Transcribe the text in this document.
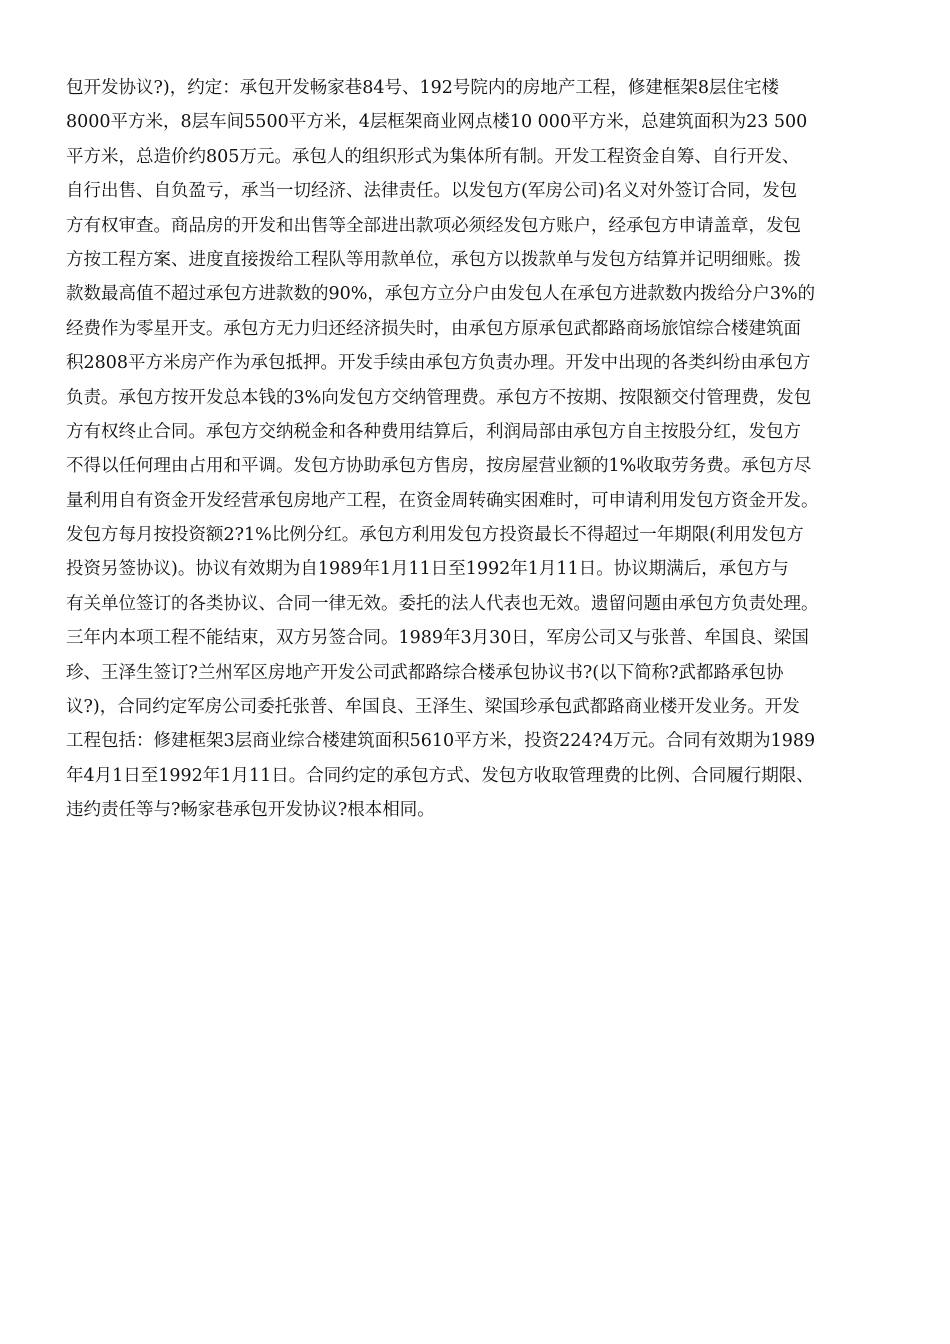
包开发协议?)，约定：承包开发畅家巷84号、192号院内的房地产工程，修建框架8层住宅楼
8000平方米，8层车间5500平方米，4层框架商业网点楼10 000平方米，总建筑面积为23 500
平方米，总造价约805万元。承包人的组织形式为集体所有制。开发工程资金自筹、自行开发、
自行出售、自负盈亏，承当一切经济、法律责任。以发包方(军房公司)名义对外签订合同，发包
方有权审查。商品房的开发和出售等全部进出款项必须经发包方账户，经承包方申请盖章，发包
方按工程方案、进度直接拨给工程队等用款单位，承包方以拨款单与发包方结算并记明细账。拨
款数最高值不超过承包方进款数的90%，承包方立分户由发包人在承包方进款数内拨给分户3%的
经费作为零星开支。承包方无力归还经济损失时，由承包方原承包武都路商场旅馆综合楼建筑面
积2808平方米房产作为承包抵押。开发手续由承包方负责办理。开发中出现的各类纠纷由承包方
负责。承包方按开发总本钱的3%向发包方交纳管理费。承包方不按期、按限额交付管理费，发包
方有权终止合同。承包方交纳税金和各种费用结算后，利润局部由承包方自主按股分红，发包方
不得以任何理由占用和平调。发包方协助承包方售房，按房屋营业额的1%收取劳务费。承包方尽
量利用自有资金开发经营承包房地产工程，在资金周转确实困难时，可申请利用发包方资金开发。
发包方每月按投资额2?1%比例分红。承包方利用发包方投资最长不得超过一年期限(利用发包方
投资另签协议)。协议有效期为自1989年1月11日至1992年1月11日。协议期满后，承包方与
有关单位签订的各类协议、合同一律无效。委托的法人代表也无效。遗留问题由承包方负责处理。
三年内本项工程不能结束，双方另签合同。1989年3月30日，军房公司又与张普、牟国良、梁国
珍、王泽生签订?兰州军区房地产开发公司武都路综合楼承包协议书?(以下简称?武都路承包协
议?)，合同约定军房公司委托张普、牟国良、王泽生、梁国珍承包武都路商业楼开发业务。开发
工程包括：修建框架3层商业综合楼建筑面积5610平方米，投资224?4万元。合同有效期为1989
年4月1日至1992年1月11日。合同约定的承包方式、发包方收取管理费的比例、合同履行期限、
违约责任等与?畅家巷承包开发协议?根本相同。
